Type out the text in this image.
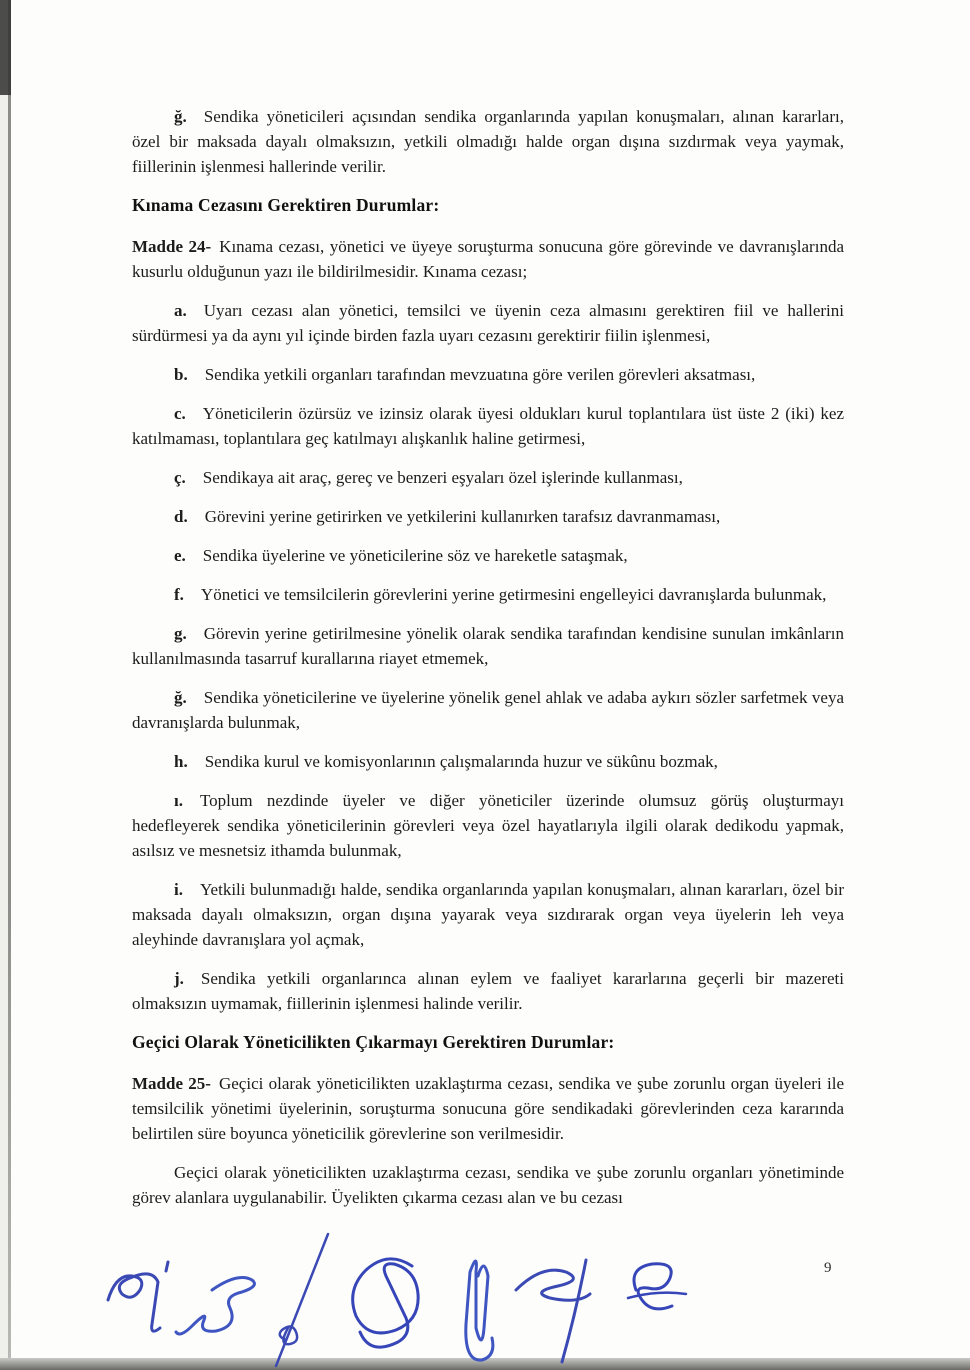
ğ. Sendika yöneticileri açısından sendika organlarında yapılan konuşmaları, alınan kararları, özel bir maksada dayalı olmaksızın, yetkili olmadığı halde organ dışına sızdırmak veya yaymak, fiillerinin işlenmesi hallerinde verilir.

Kınama Cezasını Gerektiren Durumlar:

Madde 24- Kınama cezası, yönetici ve üyeye soruşturma sonucuna göre görevinde ve davranışlarında kusurlu olduğunun yazı ile bildirilmesidir. Kınama cezası;

a. Uyarı cezası alan yönetici, temsilci ve üyenin ceza almasını gerektiren fiil ve hallerini sürdürmesi ya da aynı yıl içinde birden fazla uyarı cezasını gerektirir fiilin işlenmesi,

b. Sendika yetkili organları tarafından mevzuatına göre verilen görevleri aksatması,

c. Yöneticilerin özürsüz ve izinsiz olarak üyesi oldukları kurul toplantılara üst üste 2 (iki) kez katılmaması, toplantılara geç katılmayı alışkanlık haline getirmesi,

ç. Sendikaya ait araç, gereç ve benzeri eşyaları özel işlerinde kullanması,

d. Görevini yerine getirirken ve yetkilerini kullanırken tarafsız davranmaması,

e. Sendika üyelerine ve yöneticilerine söz ve hareketle sataşmak,

f. Yönetici ve temsilcilerin görevlerini yerine getirmesini engelleyici davranışlarda bulunmak,

g. Görevin yerine getirilmesine yönelik olarak sendika tarafından kendisine sunulan imkânların kullanılmasında tasarruf kurallarına riayet etmemek,

ğ. Sendika yöneticilerine ve üyelerine yönelik genel ahlak ve adaba aykırı sözler sarfetmek veya davranışlarda bulunmak,

h. Sendika kurul ve komisyonlarının çalışmalarında huzur ve sükûnu bozmak,

ı. Toplum nezdinde üyeler ve diğer yöneticiler üzerinde olumsuz görüş oluşturmayı hedefleyerek sendika yöneticilerinin görevleri veya özel hayatlarıyla ilgili olarak dedikodu yapmak, asılsız ve mesnetsiz ithamda bulunmak,

i. Yetkili bulunmadığı halde, sendika organlarında yapılan konuşmaları, alınan kararları, özel bir maksada dayalı olmaksızın, organ dışına yayarak veya sızdırarak organ veya üyelerin leh veya aleyhinde davranışlara yol açmak,

j. Sendika yetkili organlarınca alınan eylem ve faaliyet kararlarına geçerli bir mazereti olmaksızın uymamak, fiillerinin işlenmesi halinde verilir.

Geçici Olarak Yöneticilikten Çıkarmayı Gerektiren Durumlar:

Madde 25- Geçici olarak yöneticilikten uzaklaştırma cezası, sendika ve şube zorunlu organ üyeleri ile temsilcilik yönetimi üyelerinin, soruşturma sonucuna göre sendikadaki görevlerinden ceza kararında belirtilen süre boyunca yöneticilik görevlerine son verilmesidir.

Geçici olarak yöneticilikten uzaklaştırma cezası, sendika ve şube zorunlu organları yönetiminde görev alanlara uygulanabilir. Üyelikten çıkarma cezası alan ve bu cezası

9
